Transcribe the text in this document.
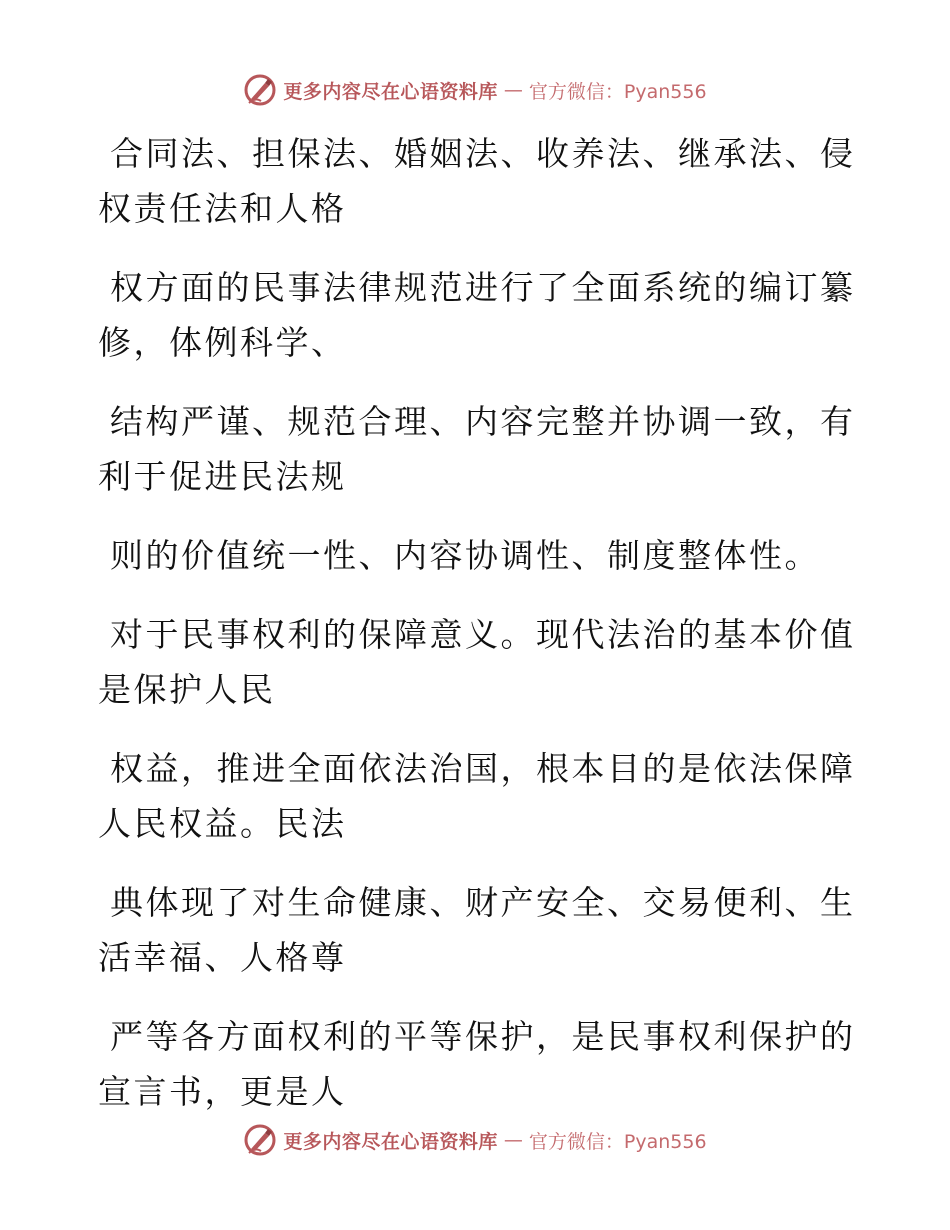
更多内容尽在心语资料库 — 官方微信：Pyan556
合同法、担保法、婚姻法、收养法、继承法、侵
权责任法和人格
权方面的民事法律规范进行了全面系统的编订纂
修，体例科学、
结构严谨、规范合理、内容完整并协调一致，有
利于促进民法规
则的价值统一性、内容协调性、制度整体性。
对于民事权利的保障意义。现代法治的基本价值
是保护人民
权益，推进全面依法治国，根本目的是依法保障
人民权益。民法
典体现了对生命健康、财产安全、交易便利、生
活幸福、人格尊
严等各方面权利的平等保护，是民事权利保护的
宣言书，更是人
更多内容尽在心语资料库 — 官方微信：Pyan556
